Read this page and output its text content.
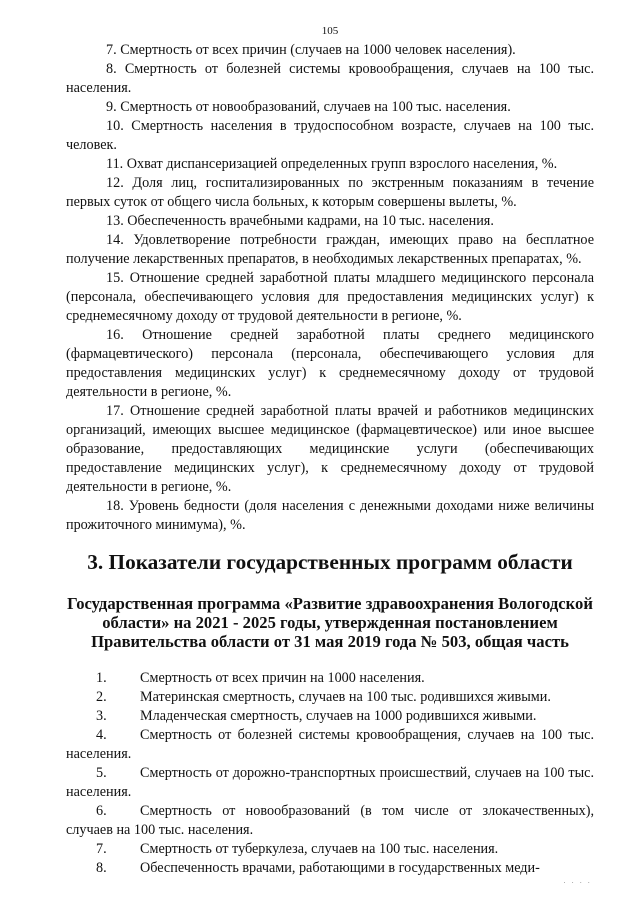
105

7. Смертность от всех причин (случаев на 1000 человек населения).

8. Смертность от болезней системы кровообращения, случаев на 100 тыс. населения.

9. Смертность от новообразований, случаев на 100 тыс. населения.

10. Смертность населения в трудоспособном возрасте, случаев на 100 тыс. человек.

11. Охват диспансеризацией определенных групп взрослого населения, %.

12. Доля лиц, госпитализированных по экстренным показаниям в течение первых суток от общего числа больных, к которым совершены вылеты, %.

13. Обеспеченность врачебными кадрами, на 10 тыс. населения.

14. Удовлетворение потребности граждан, имеющих право на бесплатное получение лекарственных препаратов, в необходимых лекарственных препаратах, %.

15. Отношение средней заработной платы младшего медицинского персонала (персонала, обеспечивающего условия для предоставления медицинских услуг) к среднемесячному доходу от трудовой деятельности в регионе, %.

16. Отношение средней заработной платы среднего медицинского (фармацевтического) персонала (персонала, обеспечивающего условия для предоставления медицинских услуг) к среднемесячному доходу от трудовой деятельности в регионе, %.

17. Отношение средней заработной платы врачей и работников медицинских организаций, имеющих высшее медицинское (фармацевтическое) или иное высшее образование, предоставляющих медицинские услуги (обеспечивающих предоставление медицинских услуг), к среднемесячному доходу от трудовой деятельности в регионе, %.

18. Уровень бедности (доля населения с денежными доходами ниже величины прожиточного минимума), %.

3. Показатели государственных программ области
Государственная программа «Развитие здравоохранения Вологодской области» на 2021 - 2025 годы, утвержденная постановлением Правительства области от 31 мая 2019 года № 503, общая часть

1. Смертность от всех причин на 1000 населения.

2. Материнская смертность, случаев на 100 тыс. родившихся живыми.

3. Младенческая смертность, случаев на 1000 родившихся живыми.

4. Смертность от болезней системы кровообращения, случаев на 100 тыс. населения.

5. Смертность от дорожно-транспортных происшествий, случаев на 100 тыс. населения.

6. Смертность от новообразований (в том числе от злокачественных), случаев на 100 тыс. населения.

7. Смертность от туберкулеза, случаев на 100 тыс. населения.

8. Обеспеченность врачами, работающими в государственных меди-

· · · ·
